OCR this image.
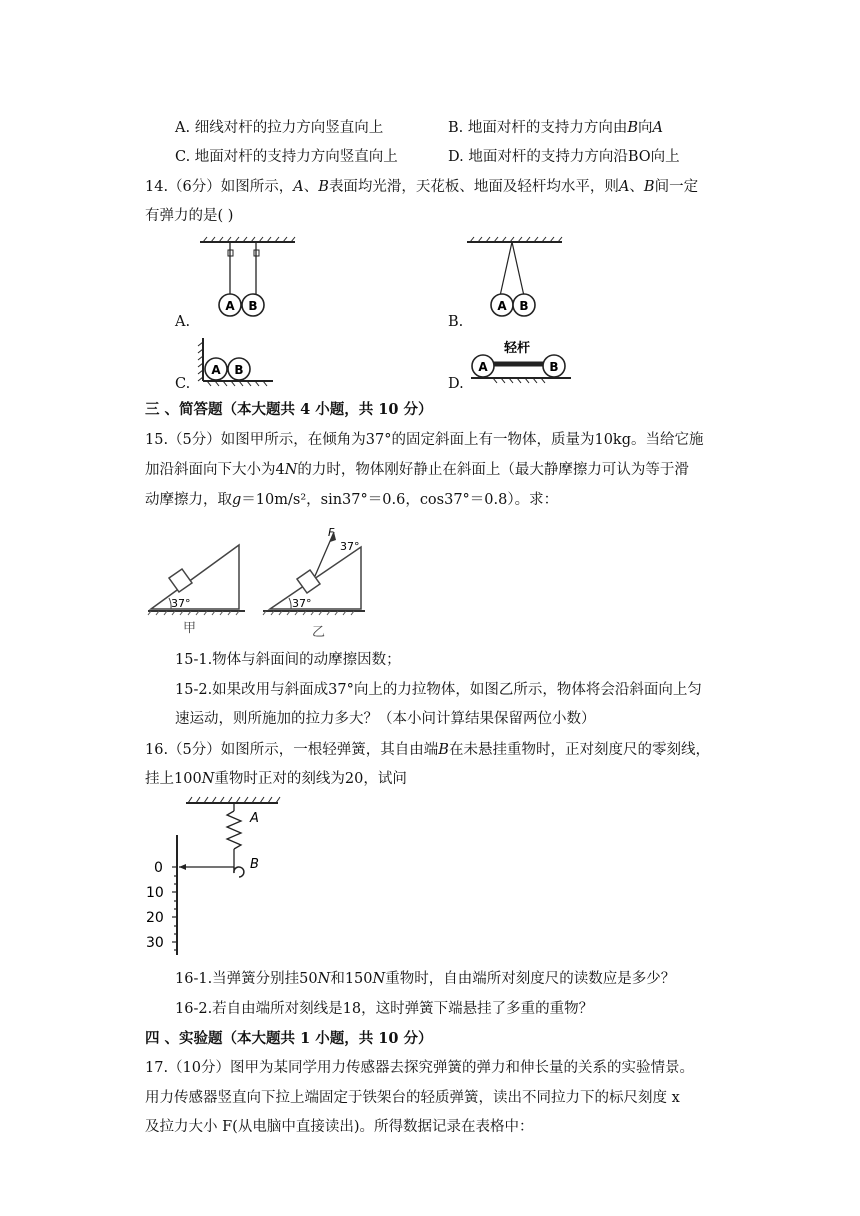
A. 细线对杆的拉力方向竖直向上	B. 地面对杆的支持力方向由B向A
C. 地面对杆的支持力方向竖直向上	D. 地面对杆的支持力方向沿BO向上
14.（6分）如图所示，A、B表面均光滑，天花板、地面及轻杆均水平，则A、B间一定
有弹力的是( )
A B
A.
A B
B.
A B
C.
轻杆
A	B
D.
三 、简答题（本大题共 4 小题，共 10 分）
15.（5分）如图甲所示，在倾角为37°的固定斜面上有一物体，质量为10kg。当给它施
加沿斜面向下大小为4N的力时，物体刚好静止在斜面上（最大静摩擦力可认为等于滑
动摩擦力，取g＝10m/s²，sin37°＝0.6，cos37°＝0.8）。求：
37°
甲
F
37°
37°
乙
15-1.物体与斜面间的动摩擦因数；
15-2.如果改用与斜面成37°向上的力拉物体，如图乙所示，物体将会沿斜面向上匀
速运动，则所施加的拉力多大？（本小问计算结果保留两位小数）
16.（5分）如图所示，一根轻弹簧，其自由端B在未悬挂重物时，正对刻度尺的零刻线，
挂上100N重物时正对的刻线为20，试问
A
B
0
10
20
30
16-1.当弹簧分别挂50N和150N重物时，自由端所对刻度尺的读数应是多少？
16-2.若自由端所对刻线是18，这时弹簧下端悬挂了多重的重物？
四 、实验题（本大题共 1 小题，共 10 分）
17.（10分）图甲为某同学用力传感器去探究弹簧的弹力和伸长量的关系的实验情景。
用力传感器竖直向下拉上端固定于铁架台的轻质弹簧，读出不同拉力下的标尺刻度 x
及拉力大小 F(从电脑中直接读出)。所得数据记录在表格中：
